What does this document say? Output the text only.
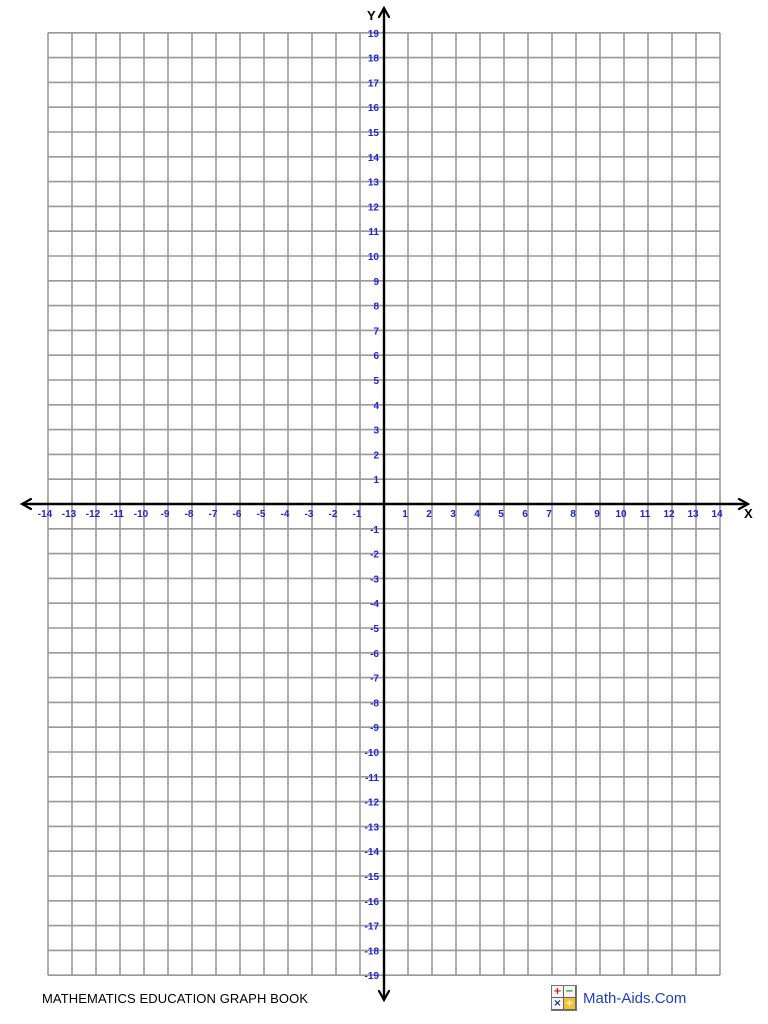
-14 -13 -12 -11 -10 -9 -8 -7 -6 -5 -4 -3 -2 -1	1 2 3 4 5 6 7 8 9 10 11 12 13 14
-19
-18
-17
-16
-15
-14
-13
-12
-11
-10
-9
-8
-7
-6
-5
-4
-3
-2
-1
1
2
3
4
5
6
7
8
9
10
11
12
13
14
15
16
17
18
19
X
Y
MATHEMATICS EDUCATION GRAPH BOOK	+ −
× ÷ Math-Aids.Com
